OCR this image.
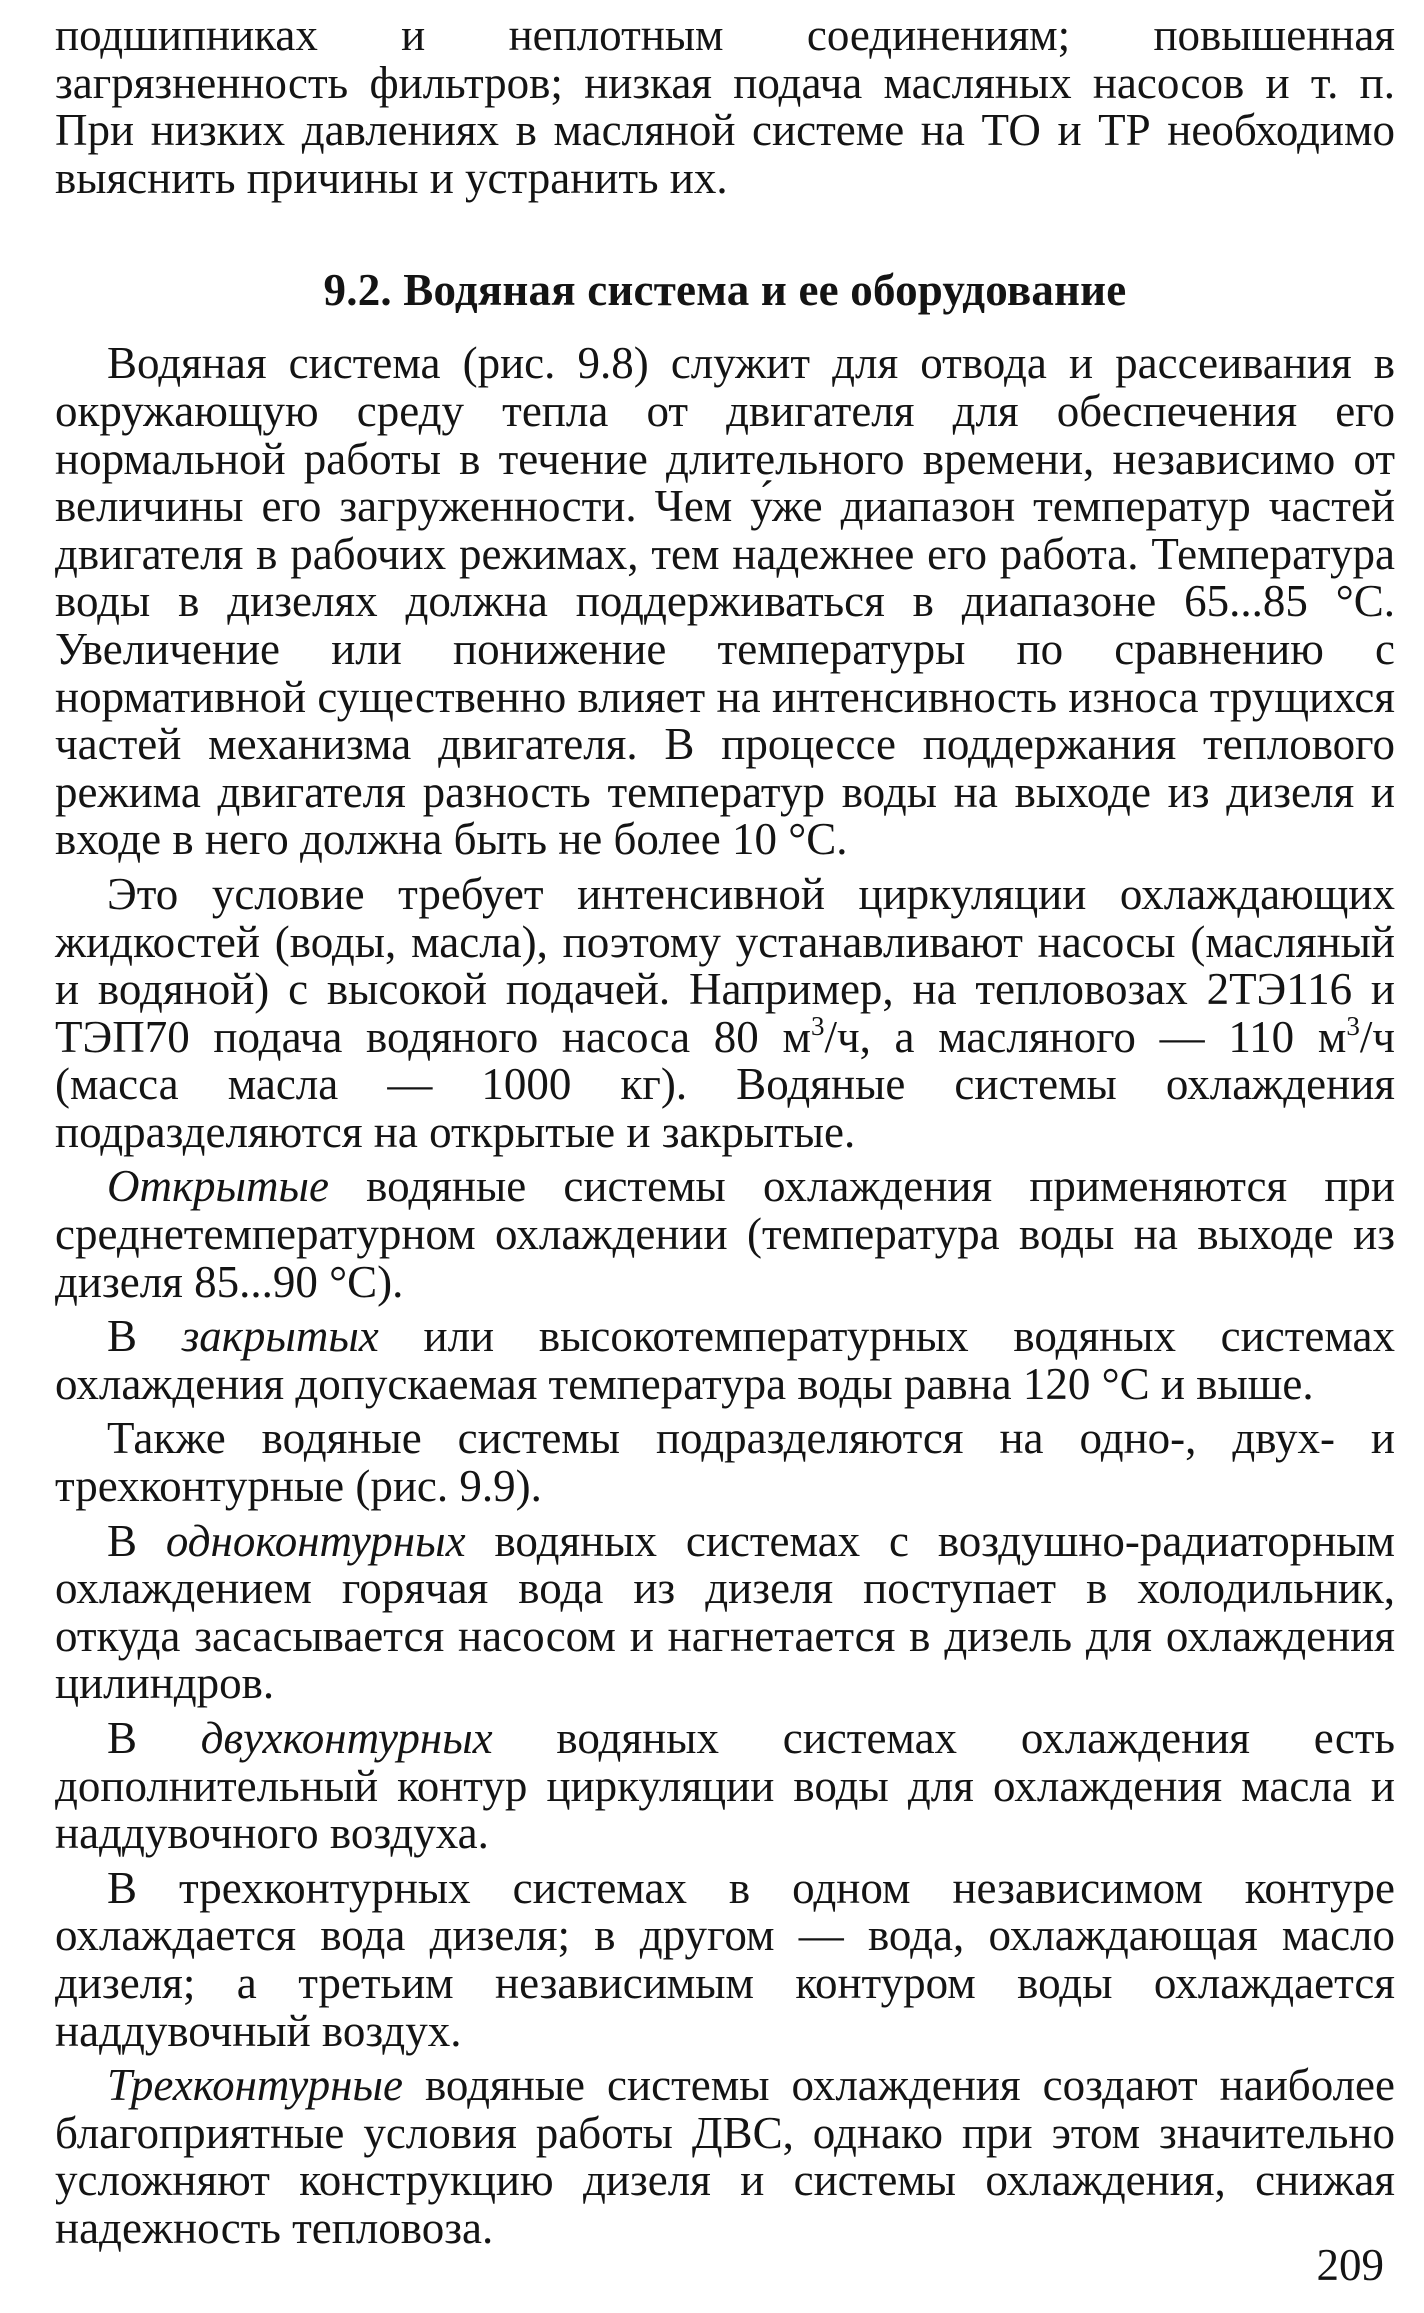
подшипниках и неплотным соединениям; повышенная загрязненность фильтров; низкая подача масляных насосов и т. п. При низких давлениях в масляной системе на ТО и ТР необходимо выяснить причины и устранить их.

9.2. Водяная система и ее оборудование

Водяная система (рис. 9.8) служит для отвода и рассеивания в окружающую среду тепла от двигателя для обеспечения его нормальной работы в течение длительного времени, независимо от величины его загруженности. Чем у́же диапазон температур частей двигателя в рабочих режимах, тем надежнее его работа. Температура воды в дизелях должна поддерживаться в диапазоне 65...85 °С. Увеличение или понижение температуры по сравнению с нормативной существенно влияет на интенсивность износа трущихся частей механизма двигателя. В процессе поддержания теплового режима двигателя разность температур воды на выходе из дизеля и входе в него должна быть не более 10 °С.

Это условие требует интенсивной циркуляции охлаждающих жидкостей (воды, масла), поэтому устанавливают насосы (масляный и водяной) с высокой подачей. Например, на тепловозах 2ТЭ116 и ТЭП70 подача водяного насоса 80 $м^3/ч$, а масляного — 110 $м^3/ч$ (масса масла — 1000 кг). Водяные системы охлаждения подразделяются на открытые и закрытые.

Открытые водяные системы охлаждения применяются при среднетемпературном охлаждении (температура воды на выходе из дизеля 85...90 °С).

В закрытых или высокотемпературных водяных системах охлаждения допускаемая температура воды равна 120 °С и выше.

Также водяные системы подразделяются на одно-, двух- и трехконтурные (рис. 9.9).

В одноконтурных водяных системах с воздушно-радиаторным охлаждением горячая вода из дизеля поступает в холодильник, откуда засасывается насосом и нагнетается в дизель для охлаждения цилиндров.

В двухконтурных водяных системах охлаждения есть дополнительный контур циркуляции воды для охлаждения масла и наддувочного воздуха.

В трехконтурных системах в одном независимом контуре охлаждается вода дизеля; в другом — вода, охлаждающая масло дизеля; а третьим независимым контуром воды охлаждается наддувочный воздух.

Трехконтурные водяные системы охлаждения создают наиболее благоприятные условия работы ДВС, однако при этом значительно усложняют конструкцию дизеля и системы охлаждения, снижая надежность тепловоза.

209
